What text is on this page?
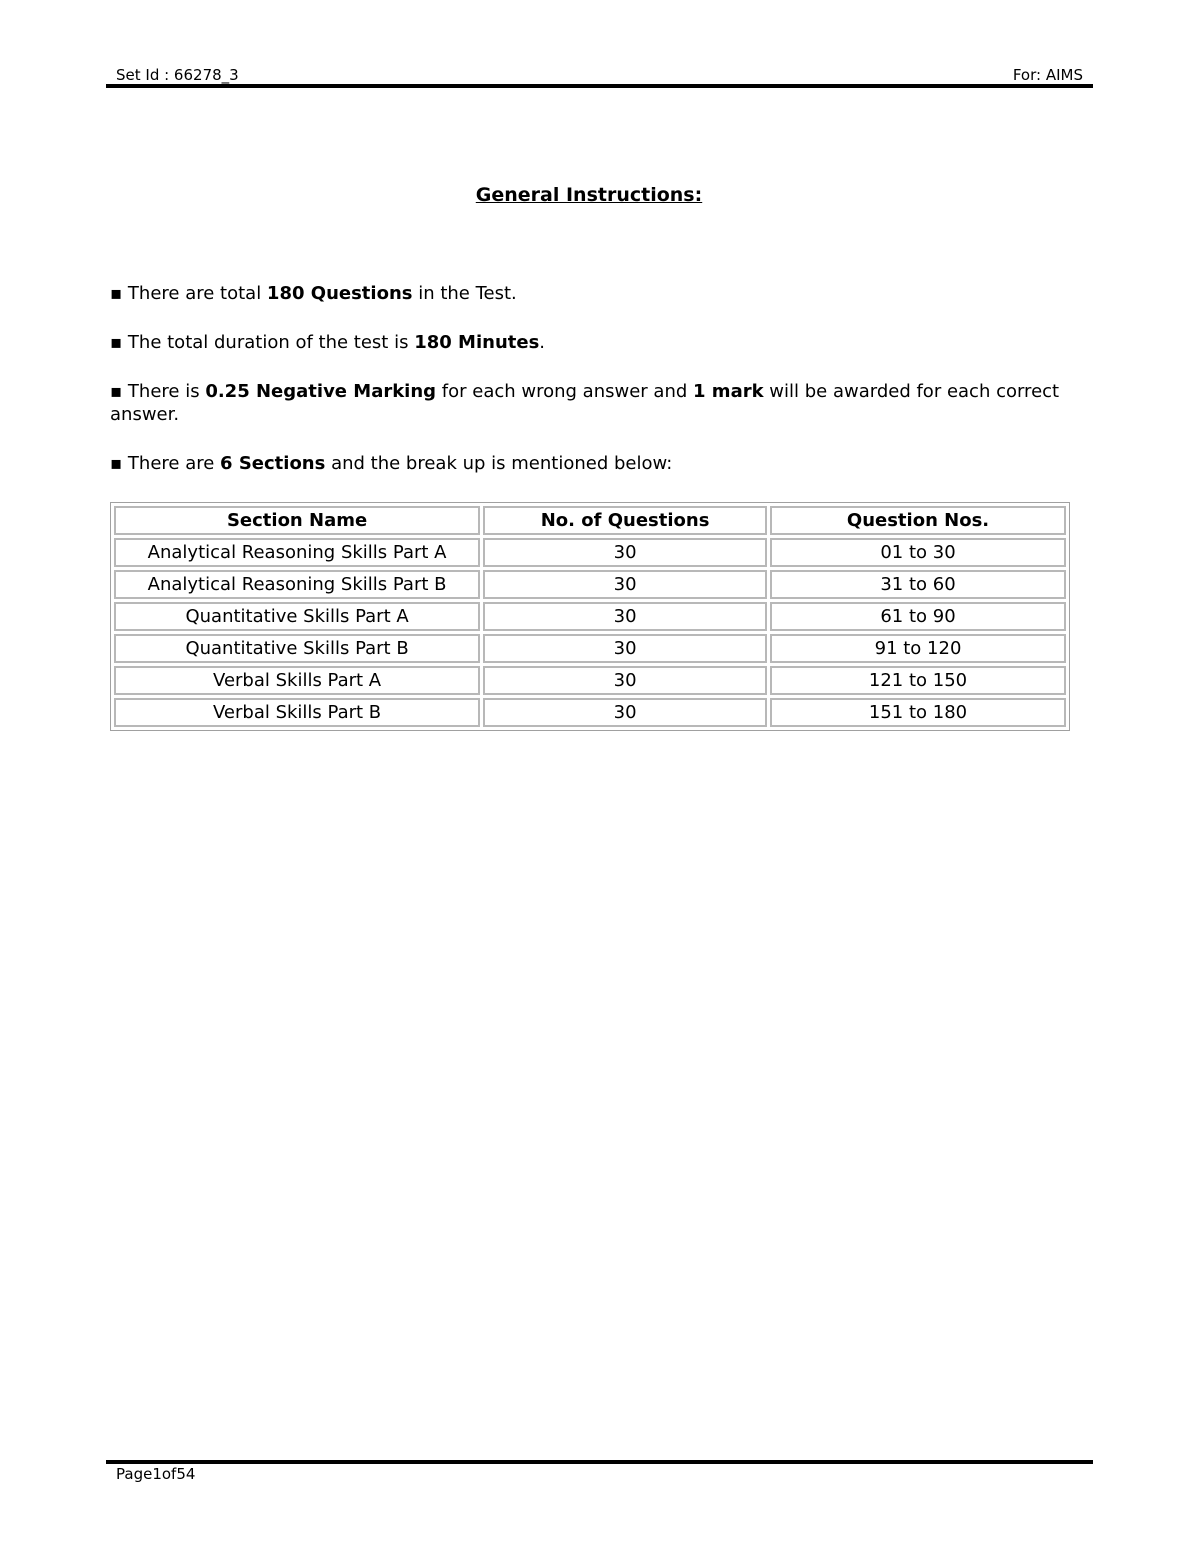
Set Id : 66278_3	For: AIMS
General Instructions:

▪ There are total 180 Questions in the Test.

▪ The total duration of the test is 180 Minutes.

▪ There is 0.25 Negative Marking for each wrong answer and 1 mark will be awarded for each correct answer.

▪ There are 6 Sections and the break up is mentioned below:

Section Name	No. of Questions	Question Nos.
Analytical Reasoning Skills Part A	30	01 to 30
Analytical Reasoning Skills Part B	30	31 to 60
Quantitative Skills Part A	30	61 to 90
Quantitative Skills Part B	30	91 to 120
Verbal Skills Part A	30	121 to 150
Verbal Skills Part B	30	151 to 180
Page1of54
